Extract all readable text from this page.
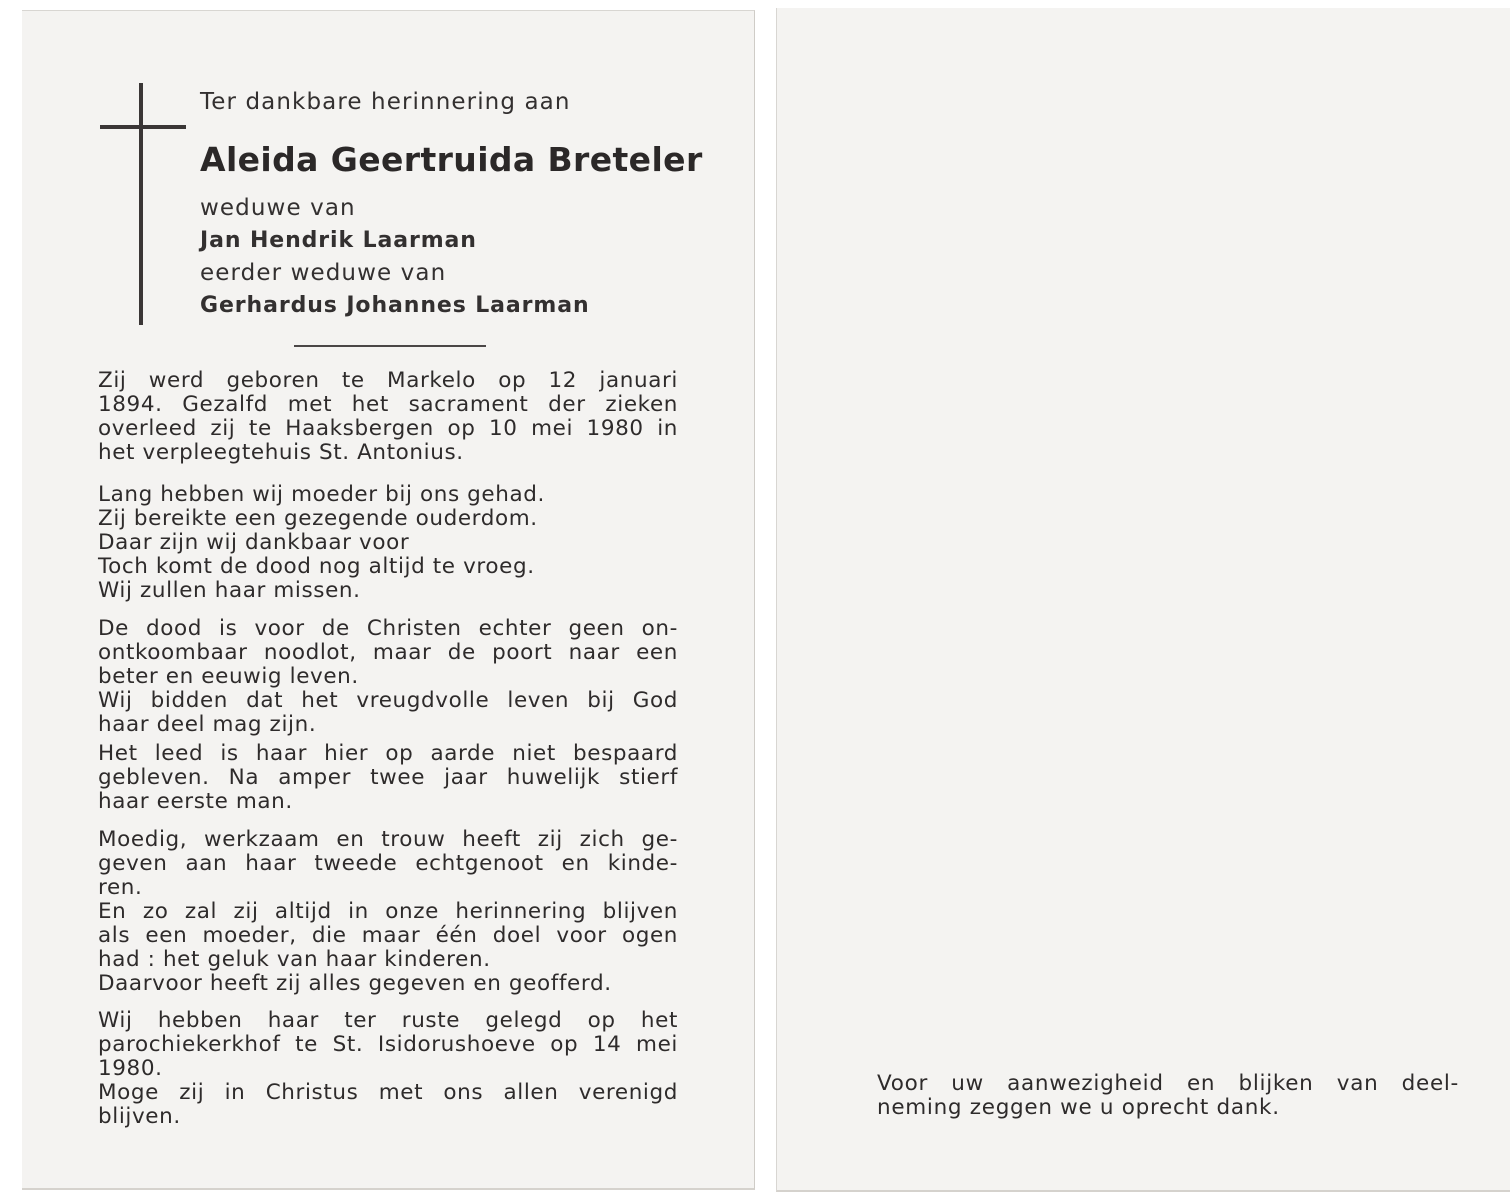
Ter dankbare herinnering aan

Aleida Geertruida Breteler

weduwe van

Jan Hendrik Laarman

eerder weduwe van

Gerhardus Johannes Laarman

Zij werd geboren te Markelo op 12 januari
1894. Gezalfd met het sacrament der zieken
overleed zij te Haaksbergen op 10 mei 1980 in
het verpleegtehuis St. Antonius.
Lang hebben wij moeder bij ons gehad.
Zij bereikte een gezegende ouderdom.
Daar zijn wij dankbaar voor
Toch komt de dood nog altijd te vroeg.
Wij zullen haar missen.
De dood is voor de Christen echter geen on-
ontkoombaar noodlot, maar de poort naar een
beter en eeuwig leven.
Wij bidden dat het vreugdvolle leven bij God
haar deel mag zijn.
Het leed is haar hier op aarde niet bespaard
gebleven. Na amper twee jaar huwelijk stierf
haar eerste man.
Moedig, werkzaam en trouw heeft zij zich ge-
geven aan haar tweede echtgenoot en kinde-
ren.
En zo zal zij altijd in onze herinnering blijven
als een moeder, die maar één doel voor ogen
had : het geluk van haar kinderen.
Daarvoor heeft zij alles gegeven en geofferd.
Wij hebben haar ter ruste gelegd op het
parochiekerkhof te St. Isidorushoeve op 14 mei
1980.
Moge zij in Christus met ons allen verenigd
blijven.
Voor uw aanwezigheid en blijken van deel-
neming zeggen we u oprecht dank.
